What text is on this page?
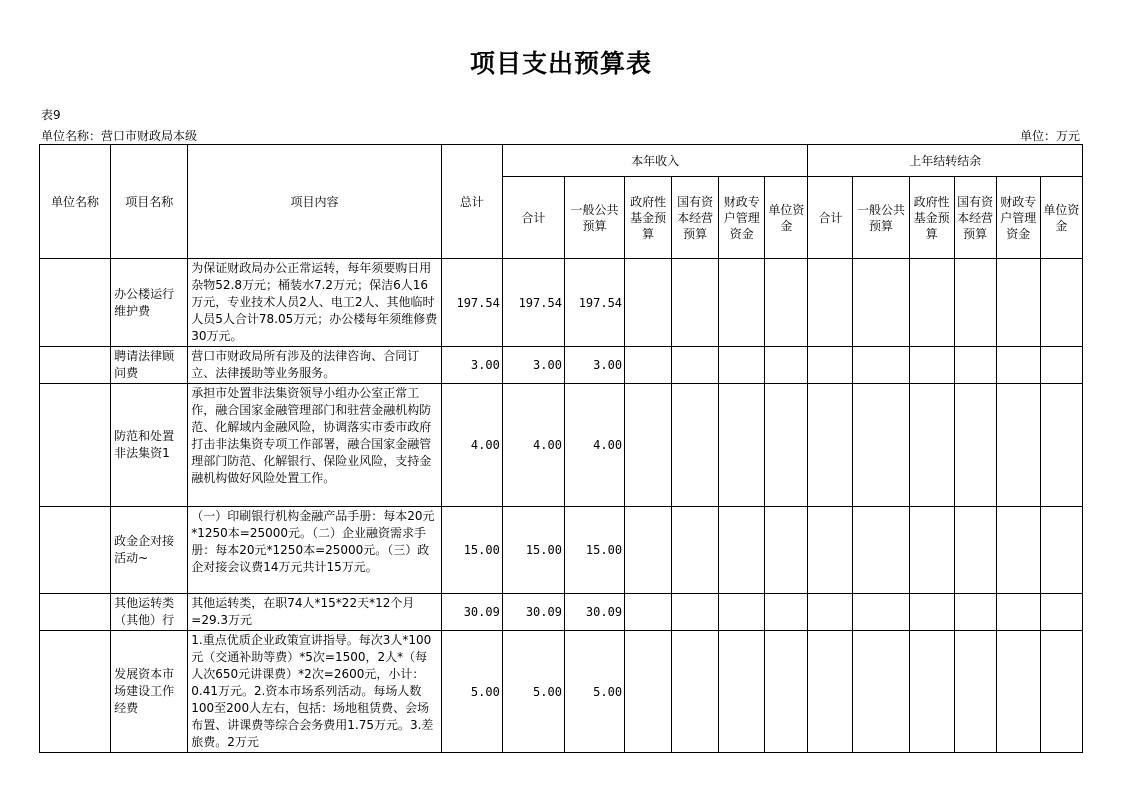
项目支出预算表
表9
单位名称：营口市财政局本级	单位：万元
单位名称	项目名称	项目内容	总计	本年收入						上年结转结余					
				合计	一般公共预算	政府性基金预算	国有资本经营预算	财政专户管理资金	单位资金	合计	一般公共预算	政府性基金预算	国有资本经营预算	财政专户管理资金	单位资金
	办公楼运行维护费	为保证财政局办公正常运转，每年须要购日用杂物52.8万元；桶装水7.2万元；保洁6人16万元，专业技术人员2人、电工2人、其他临时人员5人合计78.05万元；办公楼每年须维修费30万元。	197.54	197.54	197.54										
	聘请法律顾问费	营口市财政局所有涉及的法律咨询、合同订立、法律援助等业务服务。	3.00	3.00	3.00										
	防范和处置非法集资1	承担市处置非法集资领导小组办公室正常工作，融合国家金融管理部门和驻营金融机构防范、化解域内金融风险，协调落实市委市政府打击非法集资专项工作部署，融合国家金融管理部门防范、化解银行、保险业风险，支持金融机构做好风险处置工作。	4.00	4.00	4.00										
	政金企对接活动~	（一）印刷银行机构金融产品手册：每本20元*1250本=25000元。（二）企业融资需求手册：每本20元*1250本=25000元。（三）政企对接会议费14万元共计15万元。	15.00	15.00	15.00										
	其他运转类（其他）行	其他运转类，在职74人*15*22天*12个月=29.3万元	30.09	30.09	30.09										
	发展资本市场建设工作经费	1.重点优质企业政策宣讲指导。每次3人*100元（交通补助等费）*5次=1500，2人*（每人次650元讲课费）*2次=2600元，小计：0.41万元。2.资本市场系列活动。每场人数100至200人左右，包括：场地租赁费、会场布置、讲课费等综合会务费用1.75万元。3.差旅费。2万元	5.00	5.00	5.00										
